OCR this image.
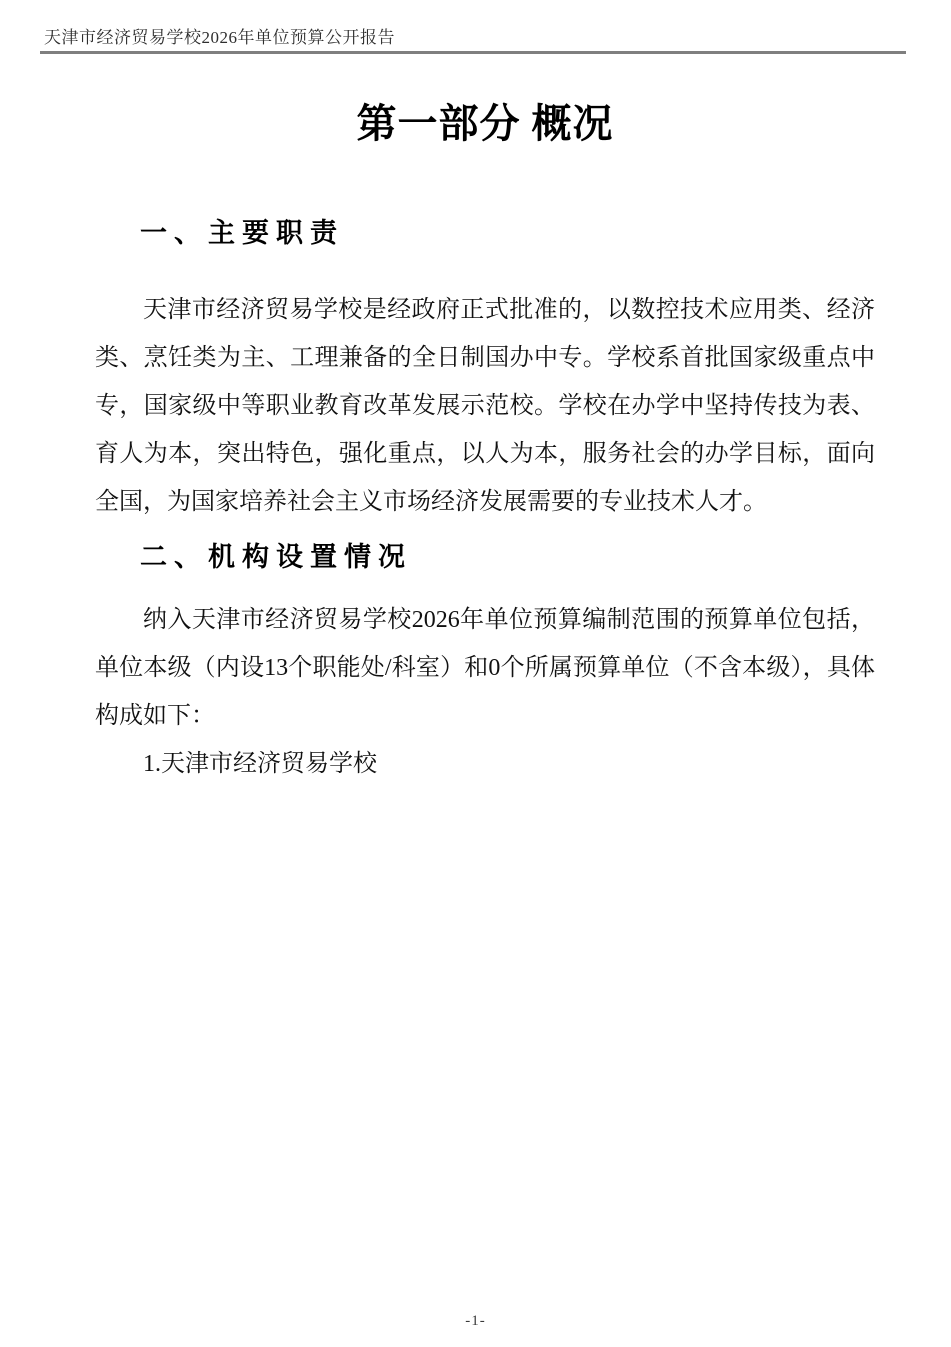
天津市经济贸易学校2026年单位预算公开报告
第一部分 概况
一、主要职责

天津市经济贸易学校是经政府正式批准的，以数控技术应用类、经济类、烹饪类为主、工理兼备的全日制国办中专。学校系首批国家级重点中专，国家级中等职业教育改革发展示范校。学校在办学中坚持传技为表、育人为本，突出特色，强化重点，以人为本，服务社会的办学目标，面向全国，为国家培养社会主义市场经济发展需要的专业技术人才。

二、机构设置情况

纳入天津市经济贸易学校2026年单位预算编制范围的预算单位包括，单位本级（内设13个职能处/科室）和0个所属预算单位（不含本级），具体构成如下：

1.天津市经济贸易学校

-1-
